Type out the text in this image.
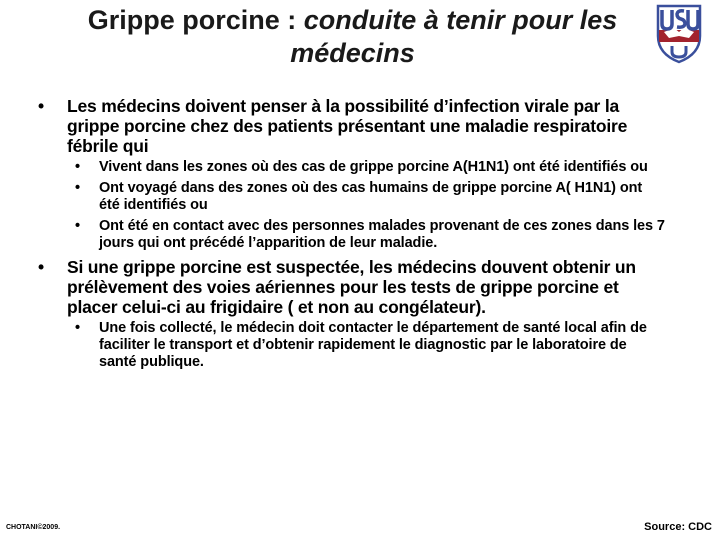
Grippe porcine : conduite à tenir pour les médecins
• Les médecins doivent penser à la possibilité d’infection virale par la grippe porcine chez des patients présentant une maladie respiratoire fébrile qui
• Vivent dans les zones où des cas de grippe porcine A(H1N1) ont été identifiés ou
• Ont voyagé dans des zones où des cas humains de grippe porcine A( H1N1) ont été identifiés ou
• Ont été en contact avec des personnes malades provenant de ces zones dans les 7 jours qui ont précédé l’apparition de leur maladie.
• Si une grippe porcine est suspectée, les médecins douvent obtenir un prélèvement des voies aériennes pour les tests de grippe porcine et placer celui-ci au frigidaire ( et non au congélateur).
• Une fois collecté, le médecin doit contacter le département de santé local afin de faciliter le transport et d’obtenir rapidement le diagnostic par le laboratoire de santé publique.
CHOTANI©2009.	Source: CDC
